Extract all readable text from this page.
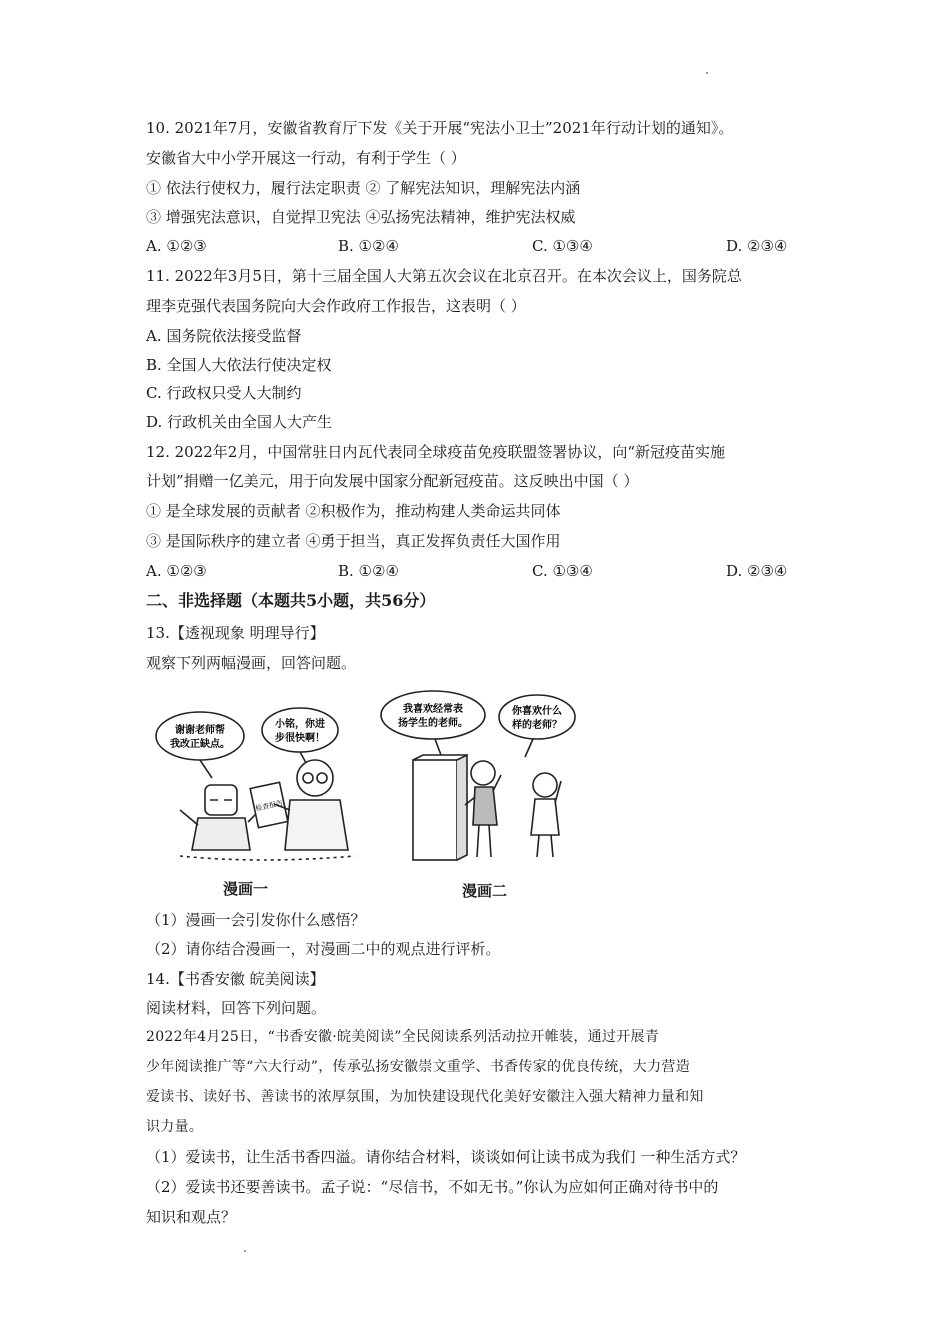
10. 2021年7月，安徽省教育厅下发《关于开展“宪法小卫士”2021年行动计划的通知》。
安徽省大中小学开展这一行动，有利于学生（ ）
① 依法行使权力，履行法定职责 ② 了解宪法知识，理解宪法内涵
③ 增强宪法意识，自觉捍卫宪法 ④弘扬宪法精神，维护宪法权威
A. ①②③	B. ①②④	C. ①③④	D. ②③④
11. 2022年3月5日，第十三届全国人大第五次会议在北京召开。在本次会议上，国务院总
理李克强代表国务院向大会作政府工作报告，这表明（ ）
A. 国务院依法接受监督
B. 全国人大依法行使决定权
C. 行政权只受人大制约
D. 行政机关由全国人大产生
12. 2022年2月，中国常驻日内瓦代表同全球疫苗免疫联盟签署协议，向“新冠疫苗实施
计划”捐赠一亿美元，用于向发展中国家分配新冠疫苗。这反映出中国（ ）
① 是全球发展的贡献者 ②积极作为，推动构建人类命运共同体
③ 是国际秩序的建立者 ④勇于担当，真正发挥负责任大国作用
A. ①②③	B. ①②④	C. ①③④	D. ②③④
二、非选择题（本题共5小题，共56分）
13.【透视现象 明理导行】
观察下列两幅漫画，回答问题。
谢谢老师帮
我改正缺点。
小铭，你进
步很快啊！
检查报告
漫画一
我喜欢经常表
扬学生的老师。
你喜欢什么
样的老师？
漫画二
（1）漫画一会引发你什么感悟？
（2）请你结合漫画一，对漫画二中的观点进行评析。
14.【书香安徽 皖美阅读】
阅读材料，回答下列问题。
2022年4月25日，“书香安徽·皖美阅读”全民阅读系列活动拉开帷装，通过开展青
少年阅读推广等“六大行动”，传承弘扬安徽崇文重学、书香传家的优良传统，大力营造
爱读书、读好书、善读书的浓厚氛围，为加快建设现代化美好安徽注入强大精神力量和知
识力量。
（1）爱读书，让生活书香四溢。请你结合材料，谈谈如何让读书成为我们 一种生活方式？
（2）爱读书还要善读书。孟子说：“尽信书，不如无书。”你认为应如何正确对待书中的
知识和观点？
